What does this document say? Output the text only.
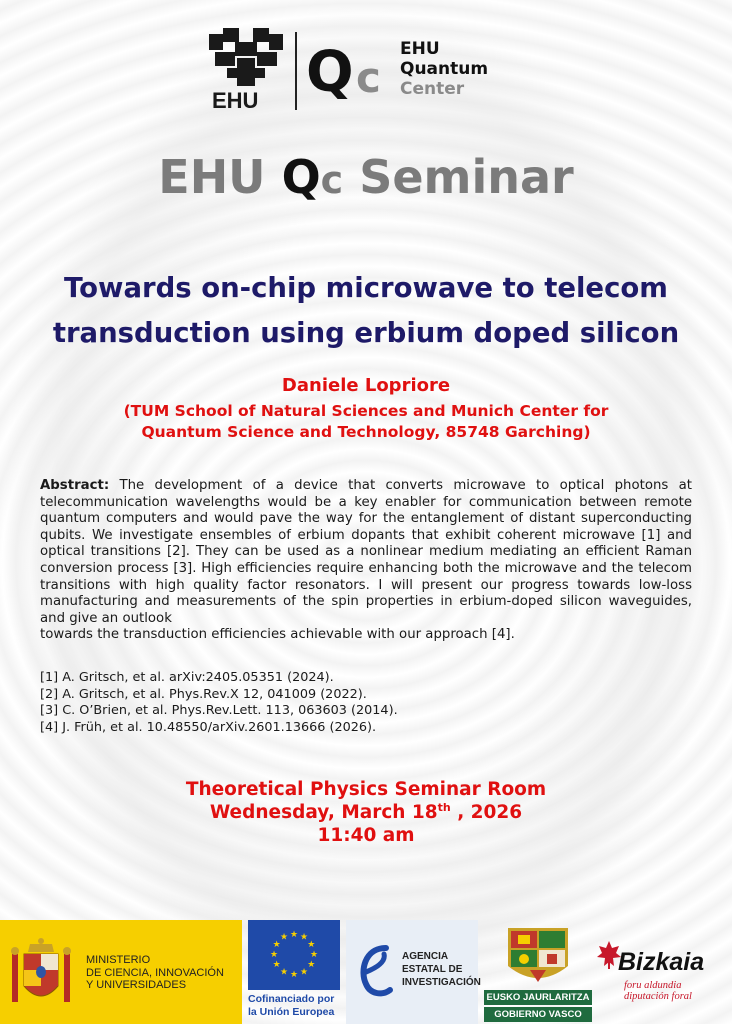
EHU Q c
EHU
Quantum
Center
EHU Qc Seminar
Towards on-chip microwave to telecom
transduction using erbium doped silicon
Daniele Lopriore
(TUM School of Natural Sciences and Munich Center for
Quantum Science and Technology, 85748 Garching)
Abstract: The development of a device that converts microwave to optical photons at telecommunication wavelengths would be a key enabler for communication between remote quantum computers and would pave the way for the entanglement of distant superconducting qubits. We investigate ensembles of erbium dopants that exhibit coherent microwave [1] and optical transitions [2]. They can be used as a nonlinear medium mediating an efficient Raman conversion process [3]. High efficiencies require enhancing both the microwave and the telecom transitions with high quality factor resonators. I will present our progress towards low-loss manufacturing and measurements of the spin properties in erbium-doped silicon waveguides, and give an outlook
towards the transduction efficiencies achievable with our approach [4].
[1] A. Gritsch, et al. arXiv:2405.05351 (2024).
[2] A. Gritsch, et al. Phys.Rev.X 12, 041009 (2022).
[3] C. O’Brien, et al. Phys.Rev.Lett. 113, 063603 (2014).
[4] J. Früh, et al. 10.48550/arXiv.2601.13666 (2026).
Theoretical Physics Seminar Room
Wednesday, March 18th , 2026
11:40 am
MINISTERIO
DE CIENCIA, INNOVACIÓN
Y UNIVERSIDADES
★ ★
★
★
★
★
★
★
★
★
★
★
Cofinanciado por
la Unión Europea
AGENCIA
ESTATAL DE
INVESTIGACIÓN
EUSKO JAURLARITZA
GOBIERNO VASCO
Bizkaia
foru aldundia
diputación foral
